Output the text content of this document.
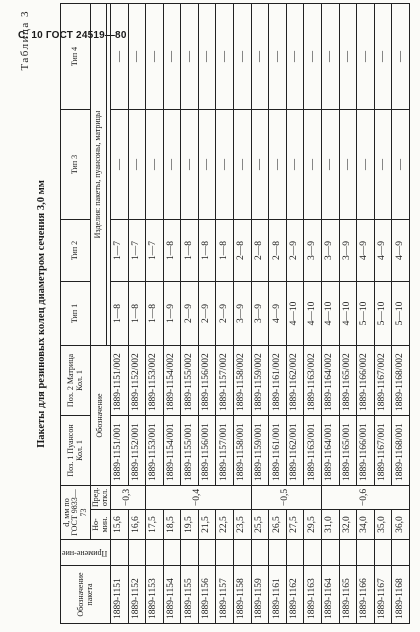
С. 10 ГОСТ 24519—80
Таблица 3
Пакеты для резиновых колец диаметром сечения 3,0 мм
Обозначение пакета	Примене-ние	d, мм по ГОСТ 9833—73		Поз. 1 Пуансон Кол. 1	Поз. 2 Матрица Кол. 1	Тип 1	Тип 2	Тип 3	Тип 4
		Но-мин.	Пред. откл.	Обозначение		Изделия: пакеты, пуансоны, матрицы			

1889-1151		15,6	−0,3	1889-1151/001	1889-1151/002	1—8	1—7	—	—
1889-1152		16,6		1889-1152/001	1889-1152/002	1—8	1—7	—	—
1889-1153		17,5	−0,4	1889-1153/001	1889-1153/002	1—8	1—7	—	—
1889-1154		18,5		1889-1154/001	1889-1154/002	1—9	1—8	—	—
1889-1155		19,5		1889-1155/001	1889-1155/002	2—9	1—8	—	—
1889-1156		21,5		1889-1156/001	1889-1156/002	2—9	1—8	—	—
1889-1157		22,5		1889-1157/001	1889-1157/002	2—9	1—8	—	—
1889-1158		23,5		1889-1158/001	1889-1158/002	3—9	2—8	—	—
1889-1159		25,5	−0,5	1889-1159/001	1889-1159/002	3—9	2—8	—	—
1889-1161		26,5		1889-1161/001	1889-1161/002	4—9	2—8	—	—
1889-1162		27,5		1889-1162/001	1889-1162/002	4—10	2—9	—	—
1889-1163		29,5		1889-1163/001	1889-1163/002	4—10	3—9	—	—
1889-1164		31,0	−0,6	1889-1164/001	1889-1164/002	4—10	3—9	—	—
1889-1165		32,0		1889-1165/001	1889-1165/002	4—10	3—9	—	—
1889-1166		34,0		1889-1166/001	1889-1166/002	5—10	4—9	—	—
1889-1167		35,0		1889-1167/001	1889-1167/002	5—10	4—9	—	—
1889-1168		36,0		1889-1168/001	1889-1168/002	5—10	4—9	—	—
